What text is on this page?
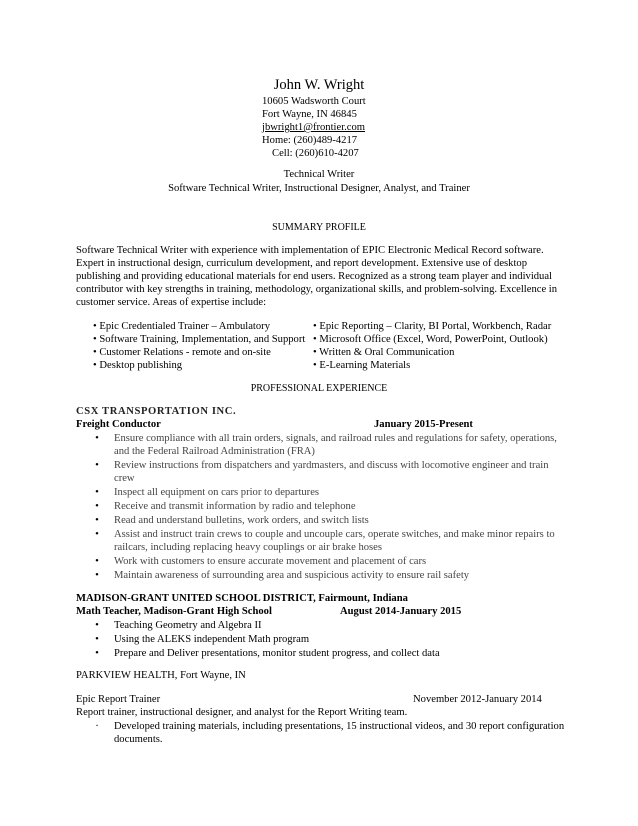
John W. Wright
10605 Wadsworth Court
Fort Wayne, IN 46845
jbwright1@frontier.com
Home: (260)489-4217
Cell: (260)610-4207
Technical Writer
Software Technical Writer, Instructional Designer, Analyst, and Trainer
SUMMARY PROFILE
Software Technical Writer with experience with implementation of EPIC Electronic Medical Record software.
Expert in instructional design, curriculum development, and report development. Extensive use of desktop
publishing and providing educational materials for end users. Recognized as a strong team player and individual
contributor with key strengths in training, methodology, organizational skills, and problem-solving. Excellence in
customer service. Areas of expertise include:
• Epic Credentialed Trainer – Ambulatory
• Software Training, Implementation, and Support
• Customer Relations - remote and on-site
• Desktop publishing
• Epic Reporting – Clarity, BI Portal, Workbench, Radar
• Microsoft Office (Excel, Word, PowerPoint, Outlook)
• Written & Oral Communication
• E-Learning Materials
PROFESSIONAL EXPERIENCE
CSX TRANSPORTATION INC.
Freight Conductor	January 2015-Present
• Ensure compliance with all train orders, signals, and railroad rules and regulations for safety, operations,
and the Federal Railroad Administration (FRA)
• Review instructions from dispatchers and yardmasters, and discuss with locomotive engineer and train
crew
• Inspect all equipment on cars prior to departures
• Receive and transmit information by radio and telephone
• Read and understand bulletins, work orders, and switch lists
• Assist and instruct train crews to couple and uncouple cars, operate switches, and make minor repairs to
railcars, including replacing heavy couplings or air brake hoses
• Work with customers to ensure accurate movement and placement of cars
• Maintain awareness of surrounding area and suspicious activity to ensure rail safety
MADISON-GRANT UNITED SCHOOL DISTRICT, Fairmount, Indiana
Math Teacher, Madison-Grant High School	August 2014-January 2015
• Teaching Geometry and Algebra II
• Using the ALEKS independent Math program
• Prepare and Deliver presentations, monitor student progress, and collect data
PARKVIEW HEALTH, Fort Wayne, IN
Epic Report Trainer	November 2012-January 2014
Report trainer, instructional designer, and analyst for the Report Writing team.
·	Developed training materials, including presentations, 15 instructional videos, and 30 report configuration
documents.
